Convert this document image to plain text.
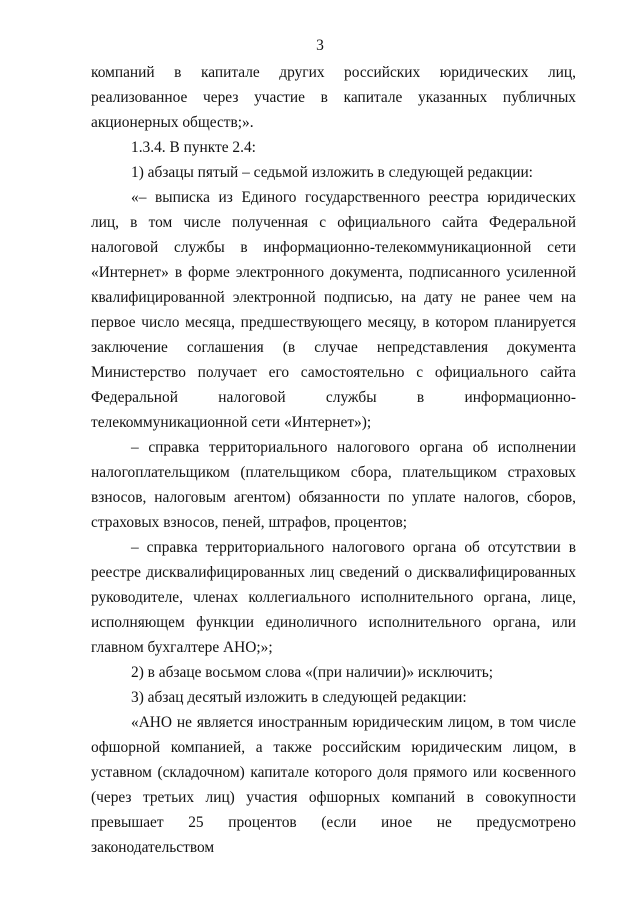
3

компаний в капитале других российских юридических лиц, реализованное через участие в капитале указанных публичных акционерных обществ;».

1.3.4. В пункте 2.4:

1) абзацы пятый – седьмой изложить в следующей редакции:

«– выписка из Единого государственного реестра юридических лиц, в том числе полученная с официального сайта Федеральной налоговой службы в информационно-телекоммуникационной сети «Интернет» в форме электронного документа, подписанного усиленной квалифицированной электронной подписью, на дату не ранее чем на первое число месяца, предшествующего месяцу, в котором планируется заключение соглашения (в случае непредставления документа Министерство получает его самостоятельно с официального сайта Федеральной налоговой службы в информационно-телекоммуникационной сети «Интернет»);

– справка территориального налогового органа об исполнении налогоплательщиком (плательщиком сбора, плательщиком страховых взносов, налоговым агентом) обязанности по уплате налогов, сборов, страховых взносов, пеней, штрафов, процентов;

– справка территориального налогового органа об отсутствии в реестре дисквалифицированных лиц сведений о дисквалифицированных руководителе, членах коллегиального исполнительного органа, лице, исполняющем функции единоличного исполнительного органа, или главном бухгалтере АНО;»;

2) в абзаце восьмом слова «(при наличии)» исключить;

3) абзац десятый изложить в следующей редакции:

«АНО не является иностранным юридическим лицом, в том числе офшорной компанией, а также российским юридическим лицом, в уставном (складочном) капитале которого доля прямого или косвенного (через третьих лиц) участия офшорных компаний в совокупности превышает 25 процентов (если иное не предусмотрено законодательством
